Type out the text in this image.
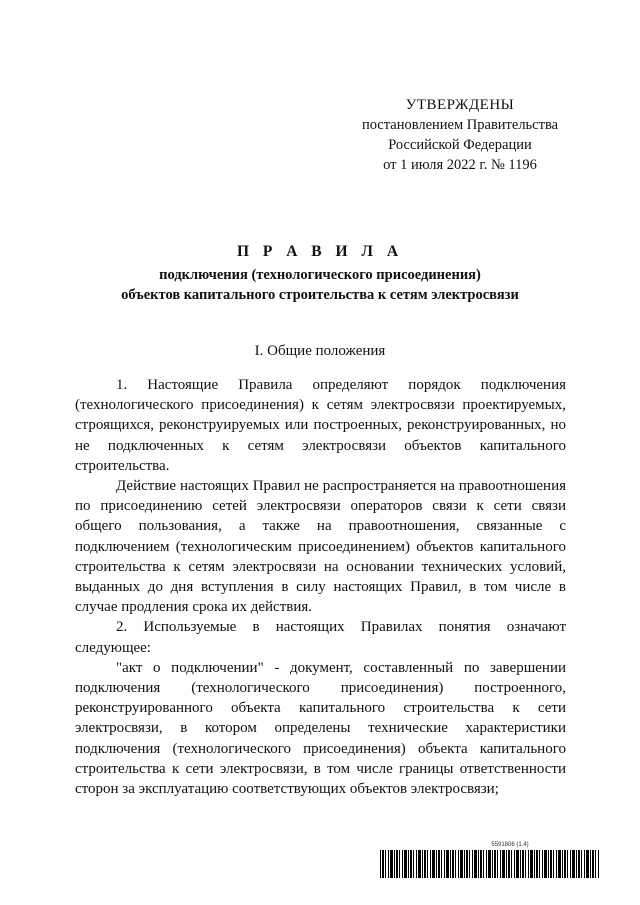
УТВЕРЖДЕНЫ
постановлением Правительства
Российской Федерации
от 1 июля 2022 г. № 1196
П Р А В И Л А
подключения (технологического присоединения)
объектов капитального строительства к сетям электросвязи
I. Общие положения

1. Настоящие Правила определяют порядок подключения (технологического присоединения) к сетям электросвязи проектируемых, строящихся, реконструируемых или построенных, реконструированных, но не подключенных к сетям электросвязи объектов капитального строительства.

Действие настоящих Правил не распространяется на правоотношения по присоединению сетей электросвязи операторов связи к сети связи общего пользования, а также на правоотношения, связанные с подключением (технологическим присоединением) объектов капитального строительства к сетям электросвязи на основании технических условий, выданных до дня вступления в силу настоящих Правил, в том числе в случае продления срока их действия.

2. Используемые в настоящих Правилах понятия означают следующее:

"акт о подключении" - документ, составленный по завершении подключения (технологического присоединения) построенного, реконструированного объекта капитального строительства к сети электросвязи, в котором определены технические характеристики подключения (технологического присоединения) объекта капитального строительства к сети электросвязи, в том числе границы ответственности сторон за эксплуатацию соответствующих объектов электросвязи;

5591806 (1.4)
